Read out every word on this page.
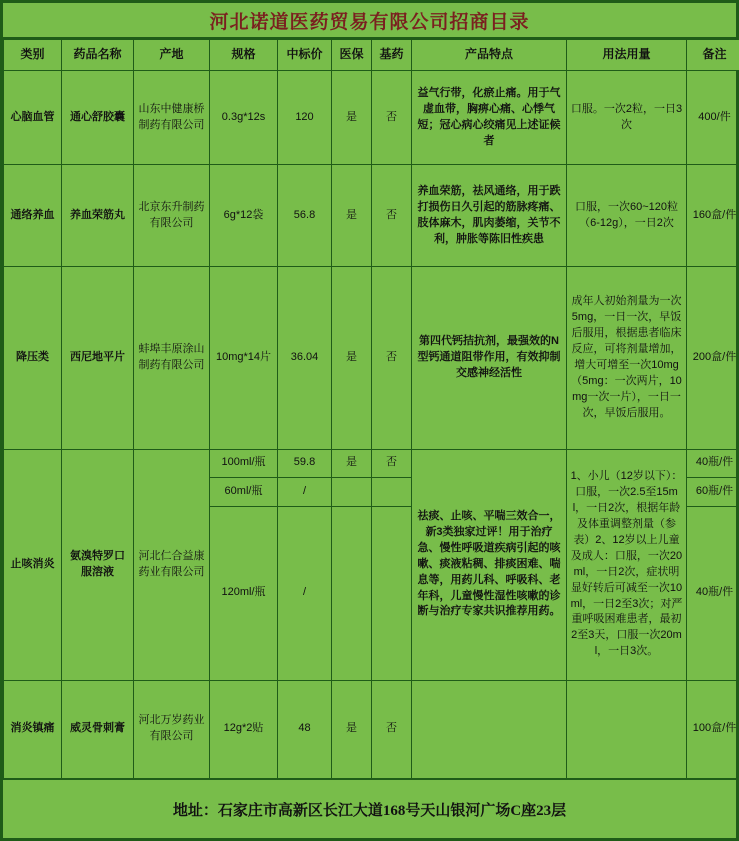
河北诺道医药贸易有限公司招商目录
类别	药品名称	产地	规格	中标价	医保	基药	产品特点	用法用量	备注
心脑血管	通心舒胶囊	山东中健康桥制药有限公司	0.3g*12s	120	是	否	益气行带，化瘀止痛。用于气虚血带，胸痹心痛、心悸气短；冠心病心绞痛见上述证候者	口服。一次2粒，一日3次	400/件
通络养血	养血荣筋丸	北京东升制药有限公司	6g*12袋	56.8	是	否	养血荣筋，祛风通络，用于跌打损伤日久引起的筋脉疼痛、肢体麻木，肌肉萎缩，关节不利，肿胀等陈旧性疾患	口服，一次60~120粒（6-12g），一日2次	160盒/件
降压类	西尼地平片	蚌埠丰原涂山制药有限公司	10mg*14片	36.04	是	否	第四代钙拮抗剂，最强效的N型钙通道阻带作用，有效抑制交感神经活性	成年人初始剂量为一次5mg，一日一次，早饭后服用，根据患者临床反应，可将剂量增加，增大可增至一次10mg（5mg：一次两片，10mg一次一片），一日一次，早饭后服用。	200盒/件
止咳消炎	氨溴特罗口服溶液	河北仁合益康药业有限公司	100ml/瓶	59.8	是	否	祛痰、止咳、平喘三效合一，新3类独家过评！用于治疗急、慢性呼吸道疾病引起的咳嗽、痰液粘稠、排痰困难、喘息等，用药儿科、呼吸科、老年科，儿童慢性湿性咳嗽的诊断与治疗专家共识推荐用药。	1、小儿（12岁以下）：口服，一次2.5至15ml，一日2次，根据年龄及体重调整剂量（参表）2、12岁以上儿童及成人：口服，一次20ml，一日2次，症状明显好转后可减至一次10ml，一日2至3次；对严重呼吸困难患者，最初2至3天，口服一次20ml，一日3次。	40瓶/件
			60ml/瓶	/					60瓶/件
			120ml/瓶	/					40瓶/件
消炎镇痛	威灵骨刺膏	河北万岁药业有限公司	12g*2贴	48	是	否			100盒/件
地址：石家庄市高新区长江大道168号天山银河广场C座23层
